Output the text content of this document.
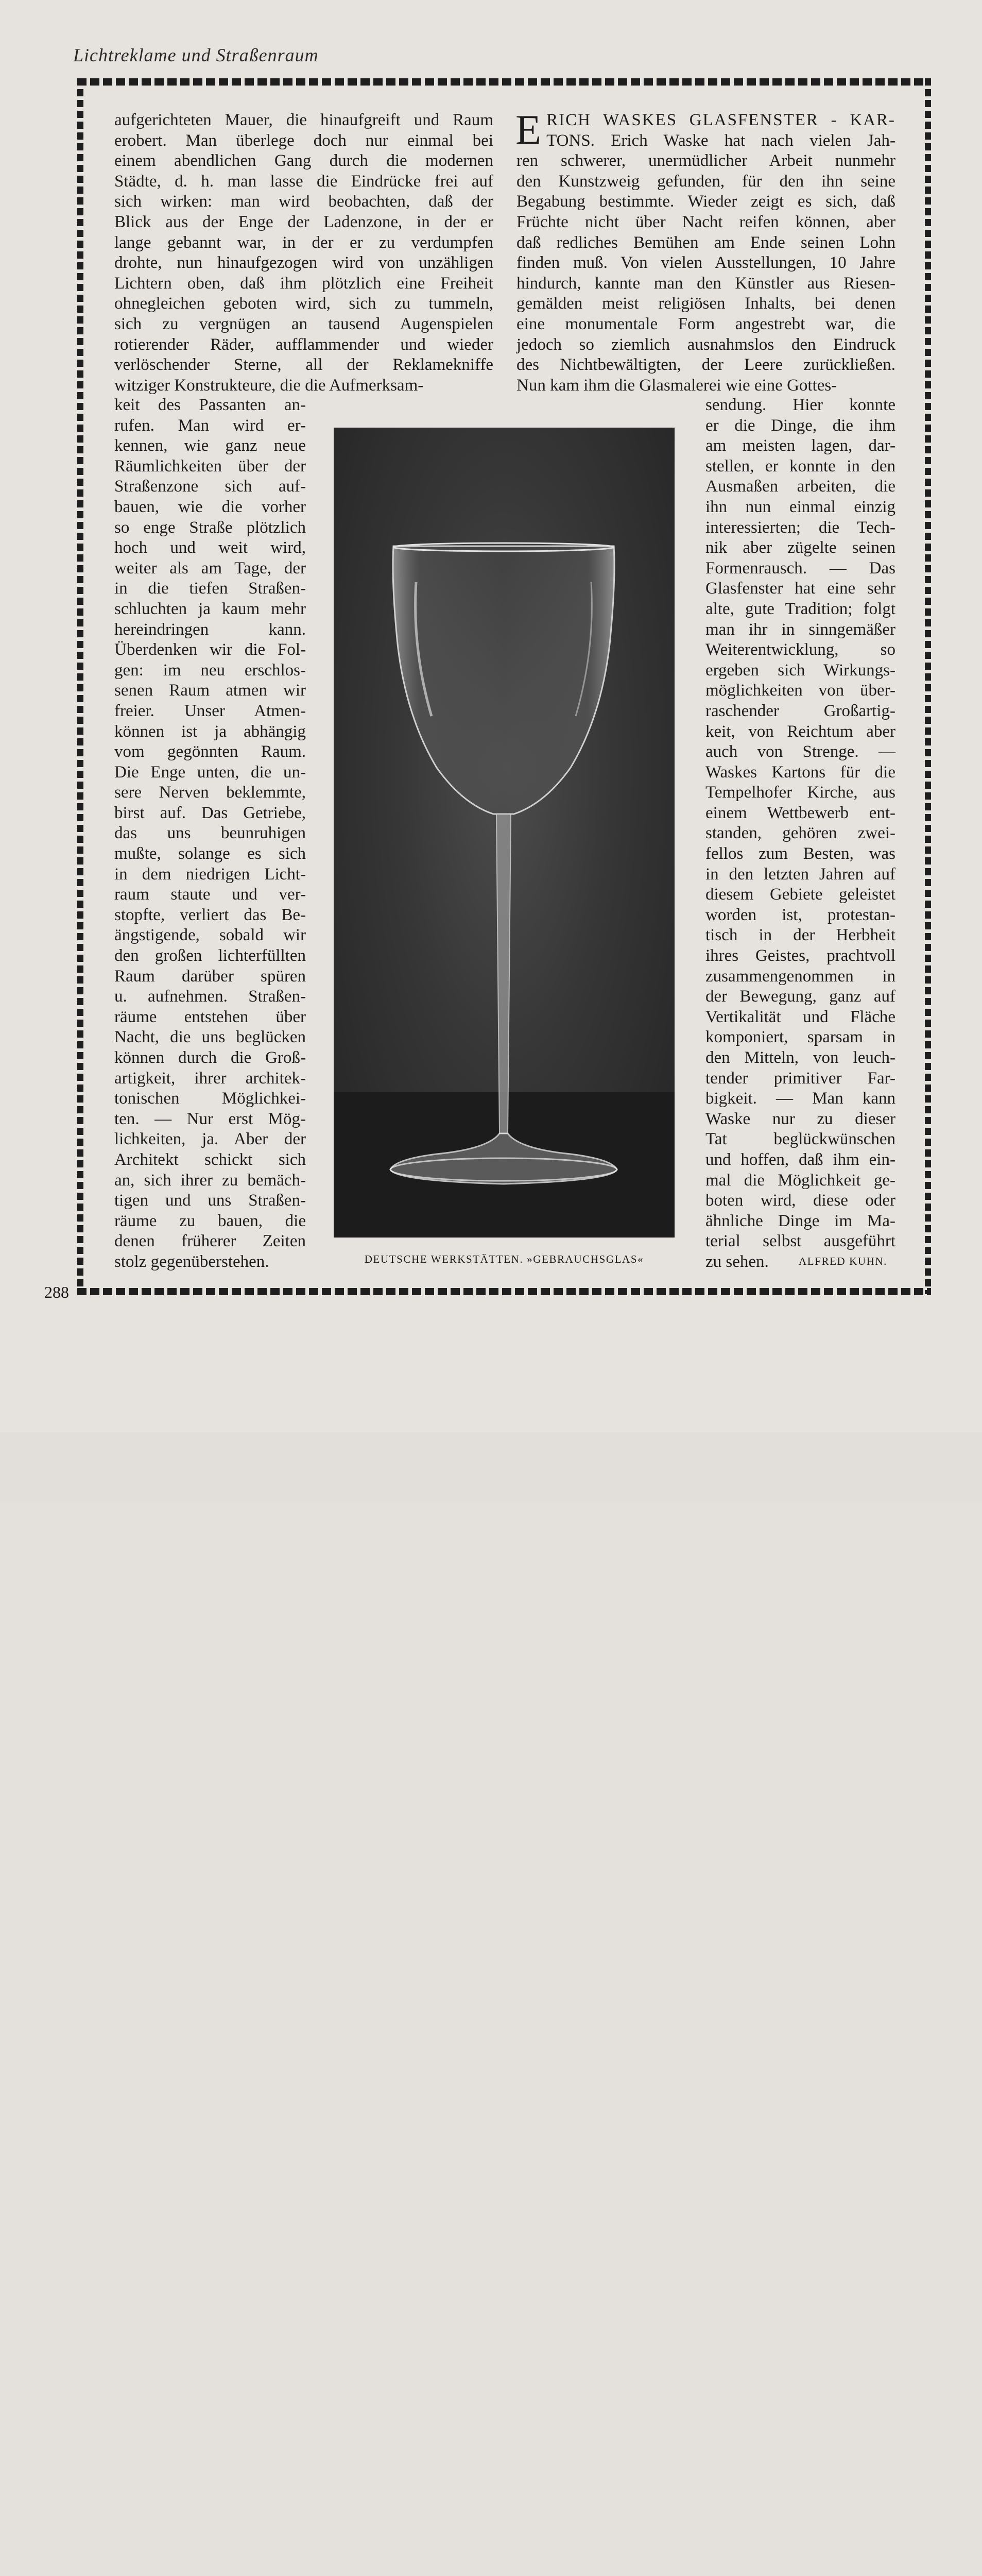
Lichtreklame und Straßenraum
288
aufgerichteten Mauer, die hinaufgreift und Raum
erobert. Man überlege doch nur einmal bei
einem abendlichen Gang durch die modernen
Städte, d. h. man lasse die Eindrücke frei auf
sich wirken: man wird beobachten, daß der
Blick aus der Enge der Ladenzone, in der er
lange gebannt war, in der er zu verdumpfen
drohte, nun hinaufgezogen wird von unzähligen
Lichtern oben, daß ihm plötzlich eine Freiheit
ohnegleichen geboten wird, sich zu tummeln,
sich zu vergnügen an tausend Augenspielen
rotierender Räder, aufflammender und wieder
verlöschender Sterne, all der Reklamekniffe
witziger Konstrukteure, die die Aufmerksam-
keit des Passanten an-
rufen. Man wird er-
kennen, wie ganz neue
Räumlichkeiten über der
Straßenzone sich auf-
bauen, wie die vorher
so enge Straße plötzlich
hoch und weit wird,
weiter als am Tage, der
in die tiefen Straßen-
schluchten ja kaum mehr
hereindringen kann.
Überdenken wir die Fol-
gen: im neu erschlos-
senen Raum atmen wir
freier. Unser Atmen-
können ist ja abhängig
vom gegönnten Raum.
Die Enge unten, die un-
sere Nerven beklemmte,
birst auf. Das Getriebe,
das uns beunruhigen
mußte, solange es sich
in dem niedrigen Licht-
raum staute und ver-
stopfte, verliert das Be-
ängstigende, sobald wir
den großen lichterfüllten
Raum darüber spüren
u. aufnehmen. Straßen-
räume entstehen über
Nacht, die uns beglücken
können durch die Groß-
artigkeit, ihrer architek-
tonischen Möglichkei-
ten. — Nur erst Mög-
lichkeiten, ja. Aber der
Architekt schickt sich
an, sich ihrer zu bemäch-
tigen und uns Straßen-
räume zu bauen, die
denen früherer Zeiten
stolz gegenüberstehen.
E RICH WASKES GLASFENSTER - KAR-
TONS. Erich Waske hat nach vielen Jah-
ren schwerer, unermüdlicher Arbeit nunmehr
den Kunstzweig gefunden, für den ihn seine
Begabung bestimmte. Wieder zeigt es sich, daß
Früchte nicht über Nacht reifen können, aber
daß redliches Bemühen am Ende seinen Lohn
finden muß. Von vielen Ausstellungen, 10 Jahre
hindurch, kannte man den Künstler aus Riesen-
gemälden meist religiösen Inhalts, bei denen
eine monumentale Form angestrebt war, die
jedoch so ziemlich ausnahmslos den Eindruck
des Nichtbewältigten, der Leere zurückließen.
Nun kam ihm die Glasmalerei wie eine Gottes-
sendung. Hier konnte
er die Dinge, die ihm
am meisten lagen, dar-
stellen, er konnte in den
Ausmaßen arbeiten, die
ihn nun einmal einzig
interessierten; die Tech-
nik aber zügelte seinen
Formenrausch. — Das
Glasfenster hat eine sehr
alte, gute Tradition; folgt
man ihr in sinngemäßer
Weiterentwicklung, so
ergeben sich Wirkungs-
möglichkeiten von über-
raschender Großartig-
keit, von Reichtum aber
auch von Strenge. —
Waskes Kartons für die
Tempelhofer Kirche, aus
einem Wettbewerb ent-
standen, gehören zwei-
fellos zum Besten, was
in den letzten Jahren auf
diesem Gebiete geleistet
worden ist, protestan-
tisch in der Herbheit
ihres Geistes, prachtvoll
zusammengenommen in
der Bewegung, ganz auf
Vertikalität und Fläche
komponiert, sparsam in
den Mitteln, von leuch-
tender primitiver Far-
bigkeit. — Man kann
Waske nur zu dieser
Tat beglückwünschen
und hoffen, daß ihm ein-
mal die Möglichkeit ge-
boten wird, diese oder
ähnliche Dinge im Ma-
terial selbst ausgeführt
zu sehen.
DEUTSCHE WERKSTÄTTEN. »GEBRAUCHSGLAS«	ALFRED KUHN.
